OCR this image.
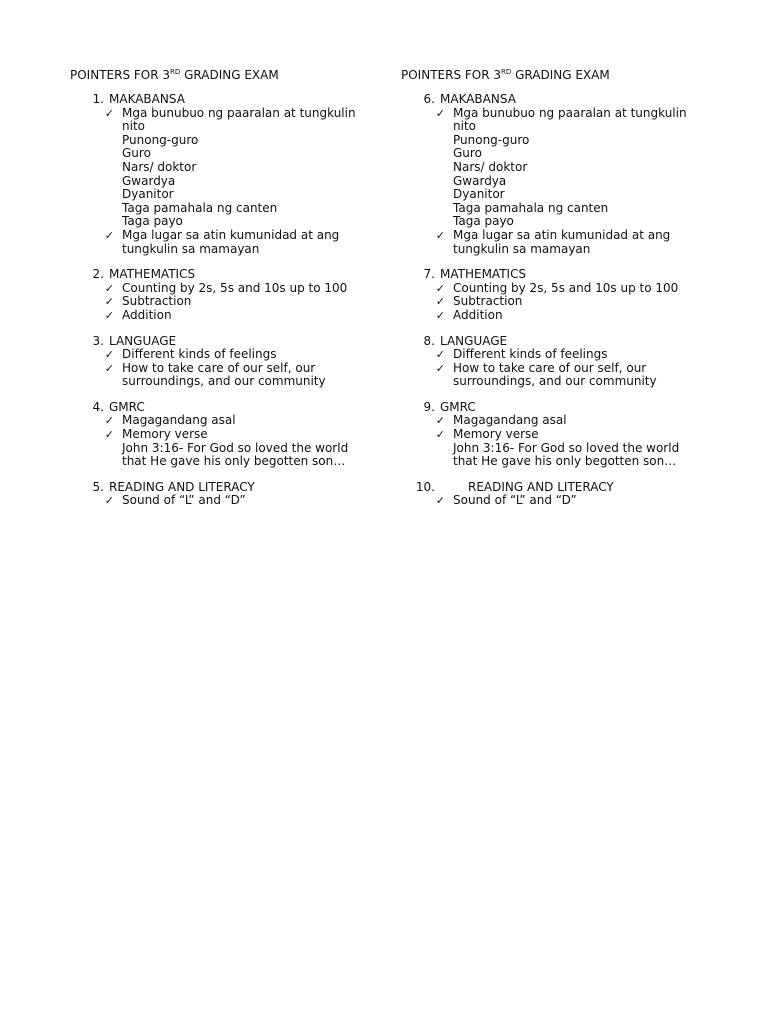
POINTERS FOR 3RD GRADING EXAM
1. MAKABANSA
✓ Mga bunubuo ng paaralan at tungkulin
nito
Punong-guro
Guro
Nars/ doktor
Gwardya
Dyanitor
Taga pamahala ng canten
Taga payo
✓ Mga lugar sa atin kumunidad at ang
tungkulin sa mamayan
2. MATHEMATICS
✓ Counting by 2s, 5s and 10s up to 100
✓ Subtraction
✓ Addition
3. LANGUAGE
✓ Different kinds of feelings
✓ How to take care of our self, our
surroundings, and our community
4. GMRC
✓ Magagandang asal
✓ Memory verse
John 3:16- For God so loved the world
that He gave his only begotten son…
5. READING AND LITERACY
✓ Sound of “L” and “D”
POINTERS FOR 3RD GRADING EXAM
6. MAKABANSA
✓ Mga bunubuo ng paaralan at tungkulin
nito
Punong-guro
Guro
Nars/ doktor
Gwardya
Dyanitor
Taga pamahala ng canten
Taga payo
✓ Mga lugar sa atin kumunidad at ang
tungkulin sa mamayan
7. MATHEMATICS
✓ Counting by 2s, 5s and 10s up to 100
✓ Subtraction
✓ Addition
8. LANGUAGE
✓ Different kinds of feelings
✓ How to take care of our self, our
surroundings, and our community
9. GMRC
✓ Magagandang asal
✓ Memory verse
John 3:16- For God so loved the world
that He gave his only begotten son…
10.	READING AND LITERACY
✓ Sound of “L” and “D”
